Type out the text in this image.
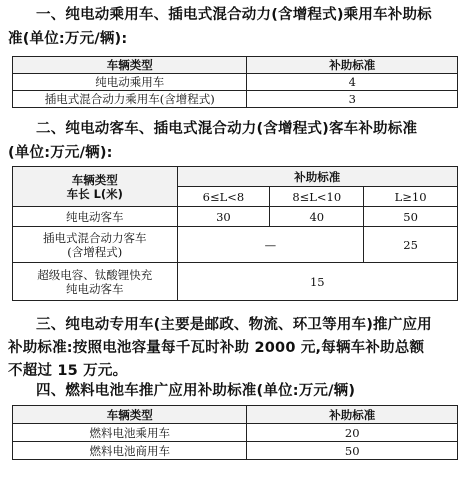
一、纯电动乘用车、插电式混合动力(含增程式)乘用车补助标
准(单位:万元/辆):
车辆类型	补助标准
纯电动乘用车	4
插电式混合动力乘用车(含增程式)	3
二、纯电动客车、插电式混合动力(含增程式)客车补助标准
(单位:万元/辆):
车辆类型
车长 L(米)	补助标准		
	6≤L<8	8≤L<10	L≥10
纯电动客车	30	40	50

插电式混合动力客车
(含增程式)	—		25

超级电容、钛酸锂快充
纯电动客车	15		
三、纯电动专用车(主要是邮政、物流、环卫等用车)推广应用
补助标准:按照电池容量每千瓦时补助 2000 元,每辆车补助总额
不超过 15 万元。
四、燃料电池车推广应用补助标准(单位:万元/辆)
车辆类型	补助标准
燃料电池乘用车	20
燃料电池商用车	50
